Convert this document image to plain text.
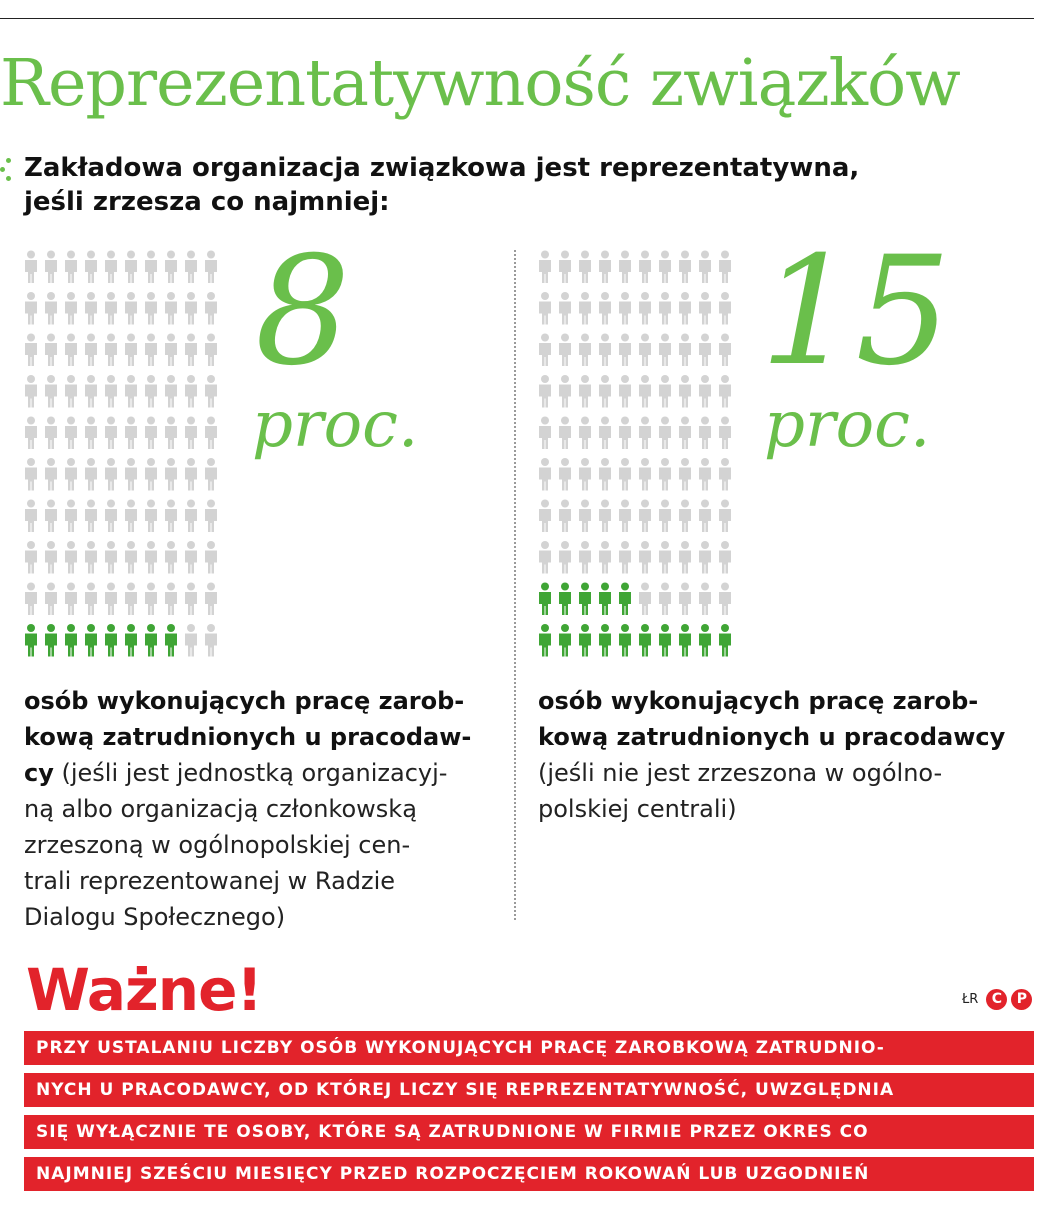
Reprezentatywność związków

Zakładowa organizacja związkowa jest reprezentatywna,
jeśli zrzesza co najmniej:

8

proc.

osób wykonujących pracę zarob-
kową zatrudnionych u pracodaw-
cy (jeśli jest jednostką organizacyj-
ną albo organizacją członkowską
zrzeszoną w ogólnopolskiej cen-
trali reprezentowanej w Radzie
Dialogu Społecznego)

15

proc.

osób wykonujących pracę zarob-
kową zatrudnionych u pracodawcy
(jeśli nie jest zrzeszona w ogólno-
polskiej centrali)
Ważne!	ŁR C	P
PRZY USTALANIU LICZBY OSÓB WYKONUJĄCYCH PRACĘ ZAROBKOWĄ ZATRUDNIO-
NYCH U PRACODAWCY, OD KTÓREJ LICZY SIĘ REPREZENTATYWNOŚĆ, UWZGLĘDNIA
SIĘ WYŁĄCZNIE TE OSOBY, KTÓRE SĄ ZATRUDNIONE W FIRMIE PRZEZ OKRES CO
NAJMNIEJ SZEŚCIU MIESIĘCY PRZED ROZPOCZĘCIEM ROKOWAŃ LUB UZGODNIEŃ
